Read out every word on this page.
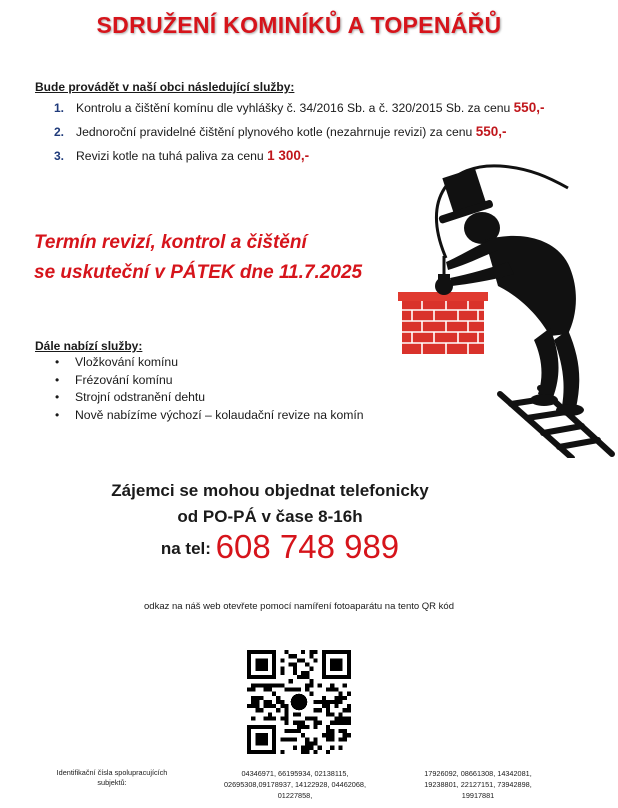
SDRUŽENÍ KOMINÍKŮ A TOPENÁŘŮ
Bude provádět v naší obci následující služby:
1. Kontrolu a čištění komínu dle vyhlášky č. 34/2016 Sb. a č. 320/2015 Sb. za cenu 550,-
2. Jednoroční pravidelné čištění plynového kotle (nezahrnuje revizi) za cenu 550,-
3. Revizi kotle na tuhá paliva za cenu 1 300,-
Termín revizí, kontrol a čištění
se uskuteční v PÁTEK dne 11.7.2025
Dále nabízí služby:
• Vložkování komínu
• Frézování komínu
• Strojní odstranění dehtu
• Nově nabízíme výchozí – kolaudační revize na komín
Zájemci se mohou objednat telefonicky
od PO-PÁ v čase 8-16h
na tel: 608 748 989
odkaz na náš web otevřete pomocí namíření fotoaparátu na tento QR kód
Identifikační čísla spolupracujících subjektů:
04346971, 66195934, 02138115, 02695308,09178937, 14122928, 04462068, 01227858,
17926092, 08661308, 14342081, 19238801, 22127151, 73942898, 19917881
